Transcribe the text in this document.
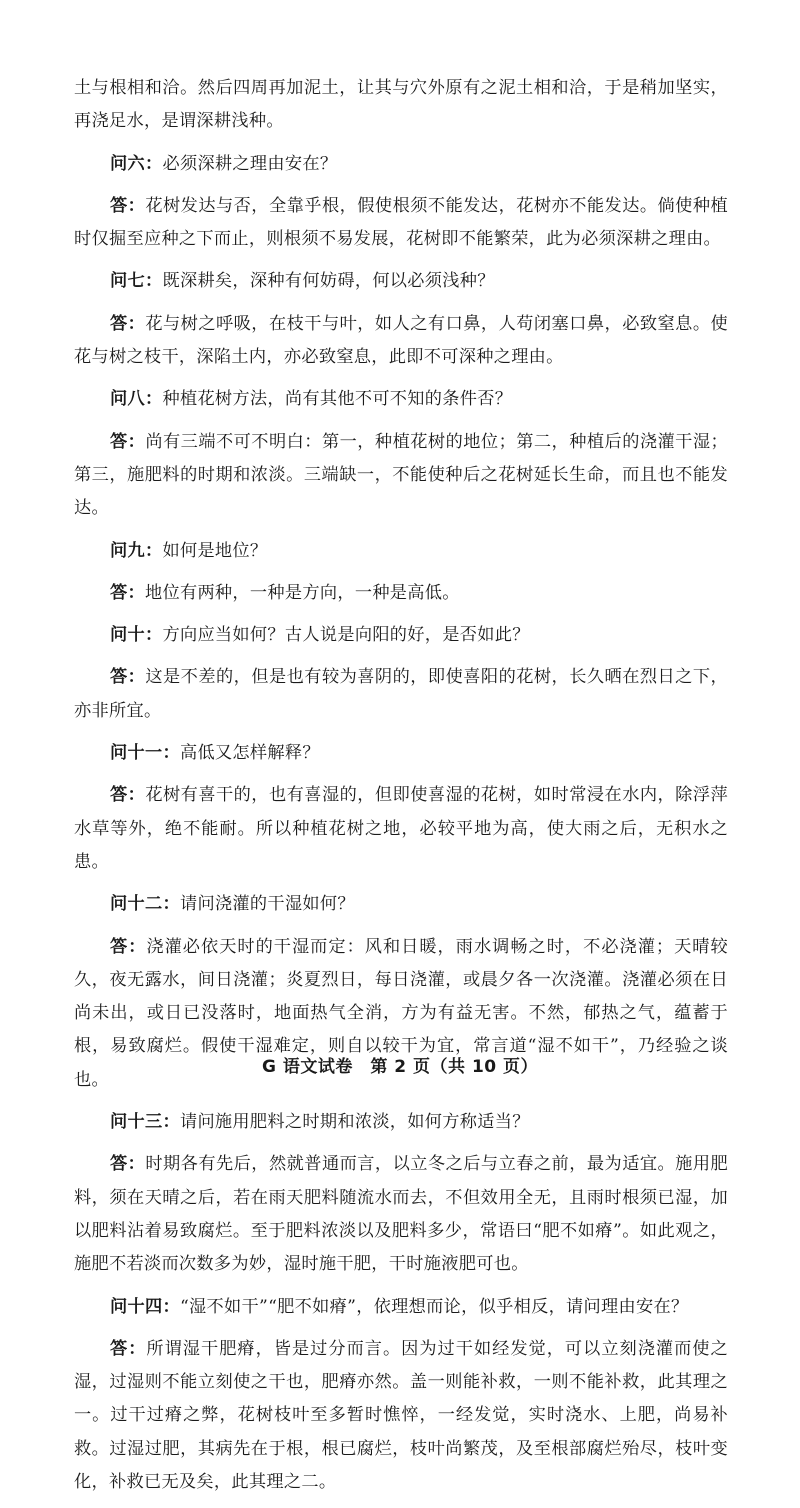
土与根相和洽。然后四周再加泥土，让其与穴外原有之泥土相和洽，于是稍加坚实，再浇足水，是谓深耕浅种。

问六：必须深耕之理由安在？

答：花树发达与否，全靠乎根，假使根须不能发达，花树亦不能发达。倘使种植时仅掘至应种之下而止，则根须不易发展，花树即不能繁荣，此为必须深耕之理由。

问七：既深耕矣，深种有何妨碍，何以必须浅种？

答：花与树之呼吸，在枝干与叶，如人之有口鼻，人苟闭塞口鼻，必致窒息。使花与树之枝干，深陷土内，亦必致窒息，此即不可深种之理由。

问八：种植花树方法，尚有其他不可不知的条件否？

答：尚有三端不可不明白：第一，种植花树的地位；第二，种植后的浇灌干湿；第三，施肥料的时期和浓淡。三端缺一，不能使种后之花树延长生命，而且也不能发达。

问九：如何是地位？

答：地位有两种，一种是方向，一种是高低。

问十：方向应当如何？古人说是向阳的好，是否如此？

答：这是不差的，但是也有较为喜阴的，即使喜阳的花树，长久晒在烈日之下，亦非所宜。

问十一：高低又怎样解释？

答：花树有喜干的，也有喜湿的，但即使喜湿的花树，如时常浸在水内，除浮萍水草等外，绝不能耐。所以种植花树之地，必较平地为高，使大雨之后，无积水之患。

问十二：请问浇灌的干湿如何？

答：浇灌必依天时的干湿而定：风和日暖，雨水调畅之时，不必浇灌；天晴较久，夜无露水，间日浇灌；炎夏烈日，每日浇灌，或晨夕各一次浇灌。浇灌必须在日尚未出，或日已没落时，地面热气全消，方为有益无害。不然，郁热之气，蕴蓄于根，易致腐烂。假使干湿难定，则自以较干为宜，常言道“湿不如干”，乃经验之谈也。

问十三：请问施用肥料之时期和浓淡，如何方称适当？

答：时期各有先后，然就普通而言，以立冬之后与立春之前，最为适宜。施用肥料，须在天晴之后，若在雨天肥料随流水而去，不但效用全无，且雨时根须已湿，加以肥料沾着易致腐烂。至于肥料浓淡以及肥料多少，常语曰“肥不如瘠”。如此观之，施肥不若淡而次数多为妙，湿时施干肥，干时施液肥可也。

问十四：“湿不如干”“肥不如瘠”，依理想而论，似乎相反，请问理由安在？

答：所谓湿干肥瘠，皆是过分而言。因为过干如经发觉，可以立刻浇灌而使之湿，过湿则不能立刻使之干也，肥瘠亦然。盖一则能补救，一则不能补救，此其理之一。过干过瘠之弊，花树枝叶至多暂时憔悴，一经发觉，实时浇水、上肥，尚易补救。过湿过肥，其病先在于根，根已腐烂，枝叶尚繁茂，及至根部腐烂殆尽，枝叶变化，补救已无及矣，此其理之二。

G 语文试卷　第 2 页（共 10 页）
